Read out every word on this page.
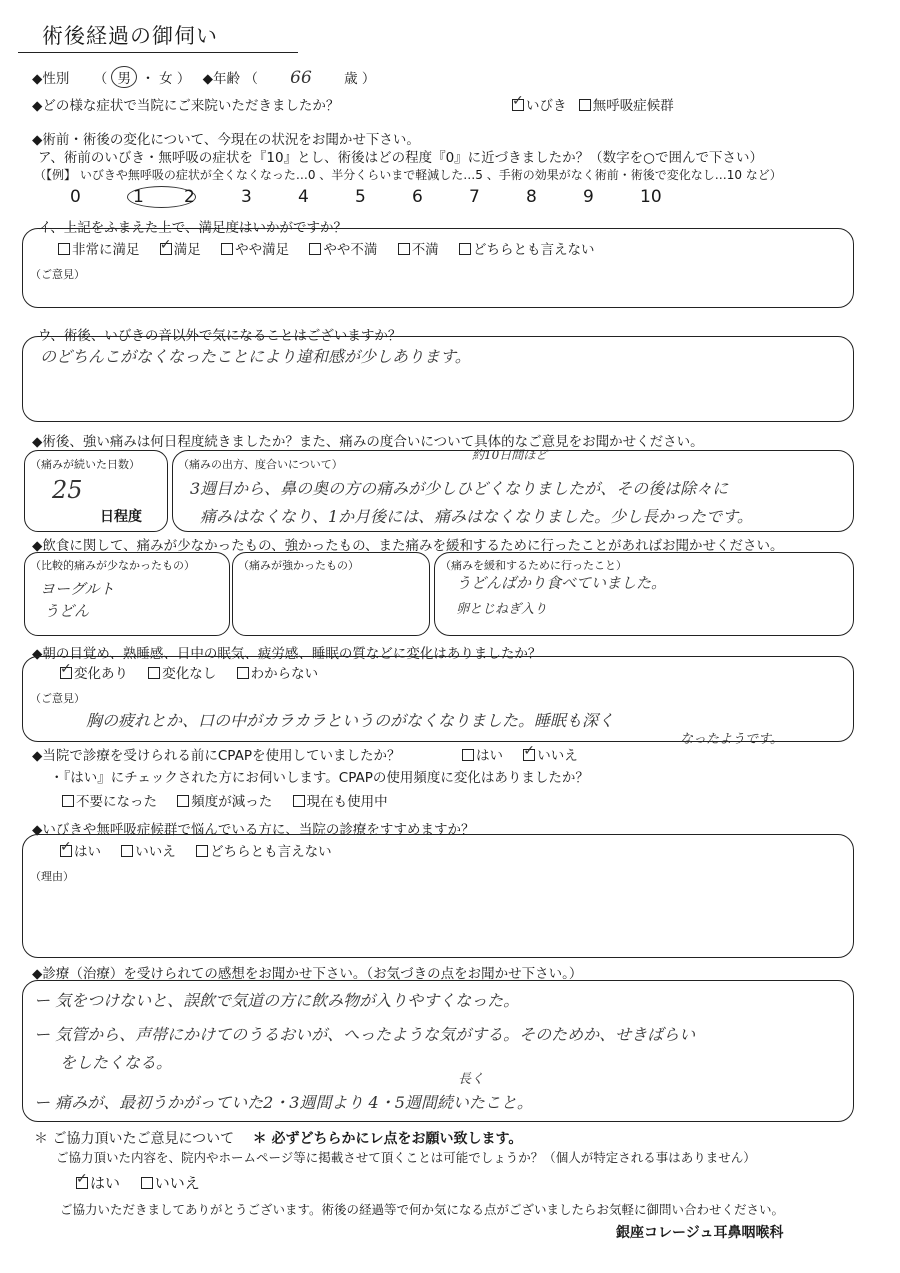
術後経過の御伺い
◆性別 （ 男 ・ 女 ） ◆年齢 （ 66 歳 ）
◆どの様な症状で当院にご来院いただきましたか？ ✓	いびき 無呼吸症候群
◆術前・術後の変化について、今現在の状況をお聞かせ下さい。
ア、術前のいびき・無呼吸の症状を『10』とし、術後はどの程度『0』に近づきましたか？（数字を○で囲んで下さい）
（【例】 いびきや無呼吸の症状が全くなくなった…0 、半分くらいまで軽減した…5 、手術の効果がなく術前・術後で変化なし…10 など）
0	1 2	3	4	5	6	7	8	9	10
イ、上記をふまえた上で、満足度はいかがですか？
非常に満足 ✓	満足	やや満足	やや不満	不満	どちらとも言えない
（ご意見）
ウ、術後、いびきの音以外で気になることはございますか？
のどちんこがなくなったことにより違和感が少しあります。
◆術後、強い痛みは何日程度続きましたか？また、痛みの度合いについて具体的なご意見をお聞かせください。
（痛みが続いた日数）
25
日程度
（痛みの出方、度合いについて）
約10日間ほど
3週目から、鼻の奥の方の痛みが少しひどくなりましたが、その後は除々に
痛みはなくなり、1か月後には、痛みはなくなりました。少し長かったです。
◆飲食に関して、痛みが少なかったもの、強かったもの、また痛みを緩和するために行ったことがあればお聞かせください。
（比較的痛みが少なかったもの）
ヨーグルト
うどん
（痛みが強かったもの）	（痛みを緩和するために行ったこと）
うどんばかり食べていました。
卵とじねぎ入り
◆朝の目覚め、熟睡感、日中の眠気、疲労感、睡眠の質などに変化はありましたか？
✓変化あり	変化なし	わからない
（ご意見）
胸の疲れとか、口の中がカラカラというのがなくなりました。睡眠も深く
なったようです。
◆当院で診療を受けられる前にCPAPを使用していましたか？	はい ✓	いいえ
・『はい』にチェックされた方にお伺いします。CPAPの使用頻度に変化はありましたか？
不要になった	頻度が減った	現在も使用中
◆いびきや無呼吸症候群で悩んでいる方に、当院の診療をすすめますか？
✓はい	いいえ	どちらとも言えない
（理由）
◆診療（治療）を受けられての感想をお聞かせ下さい。（お気づきの点をお聞かせ下さい。）
ー 気をつけないと、誤飲で気道の方に飲み物が入りやすくなった。
ー 気管から、声帯にかけてのうるおいが、へったような気がする。そのためか、せきばらい
をしたくなる。
長く
ー 痛みが、最初うかがっていた2・3週間より 4・5週間続いたこと。
＊ ご協力頂いたご意見について ＊ 必ずどちらかにレ点をお願い致します。
ご協力頂いた内容を、院内やホームページ等に掲載させて頂くことは可能でしょうか？（個人が特定される事はありません）
✓はい いいえ
ご協力いただきましてありがとうございます。術後の経過等で何か気になる点がございましたらお気軽に御問い合わせください。
銀座コレージュ耳鼻咽喉科
